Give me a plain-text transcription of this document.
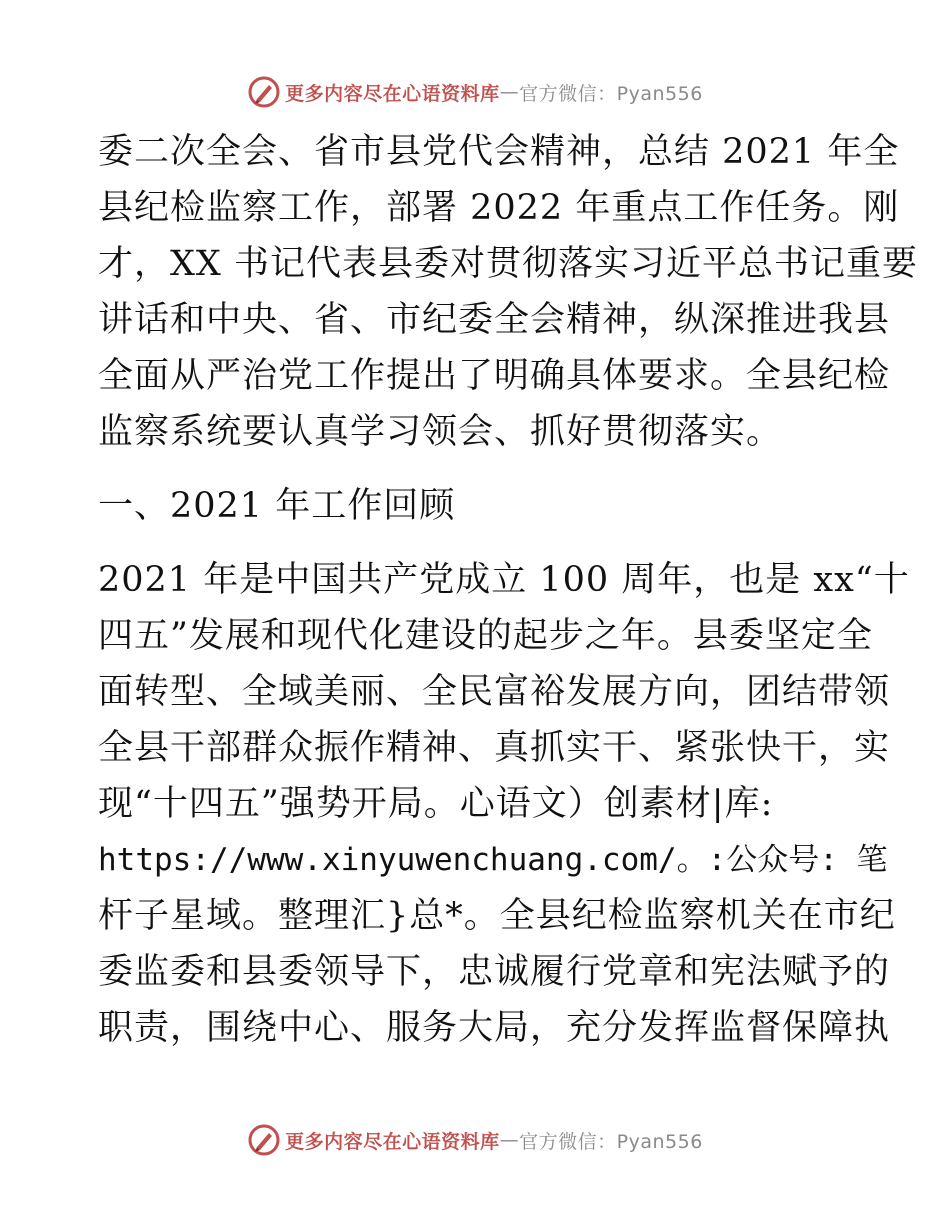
更多内容尽在心语资料库 — 官方微信：Pyan556
委二次全会、省市县党代会精神，总结 2021 年全
县纪检监察工作，部署 2022 年重点工作任务。刚
才，XX 书记代表县委对贯彻落实习近平总书记重要
讲话和中央、省、市纪委全会精神，纵深推进我县
全面从严治党工作提出了明确具体要求。全县纪检
监察系统要认真学习领会、抓好贯彻落实。
一、2021 年工作回顾
2021 年是中国共产党成立 100 周年，也是 xx“十
四五”发展和现代化建设的起步之年。县委坚定全
面转型、全域美丽、全民富裕发展方向，团结带领
全县干部群众振作精神、真抓实干、紧张快干，实
现“十四五”强势开局。心语文）创素材|库:
https://www.xinyuwenchuang.com/。:公众号: 笔
杆子星域。整理汇}总*。全县纪检监察机关在市纪
委监委和县委领导下，忠诚履行党章和宪法赋予的
职责，围绕中心、服务大局，充分发挥监督保障执
更多内容尽在心语资料库 — 官方微信：Pyan556
